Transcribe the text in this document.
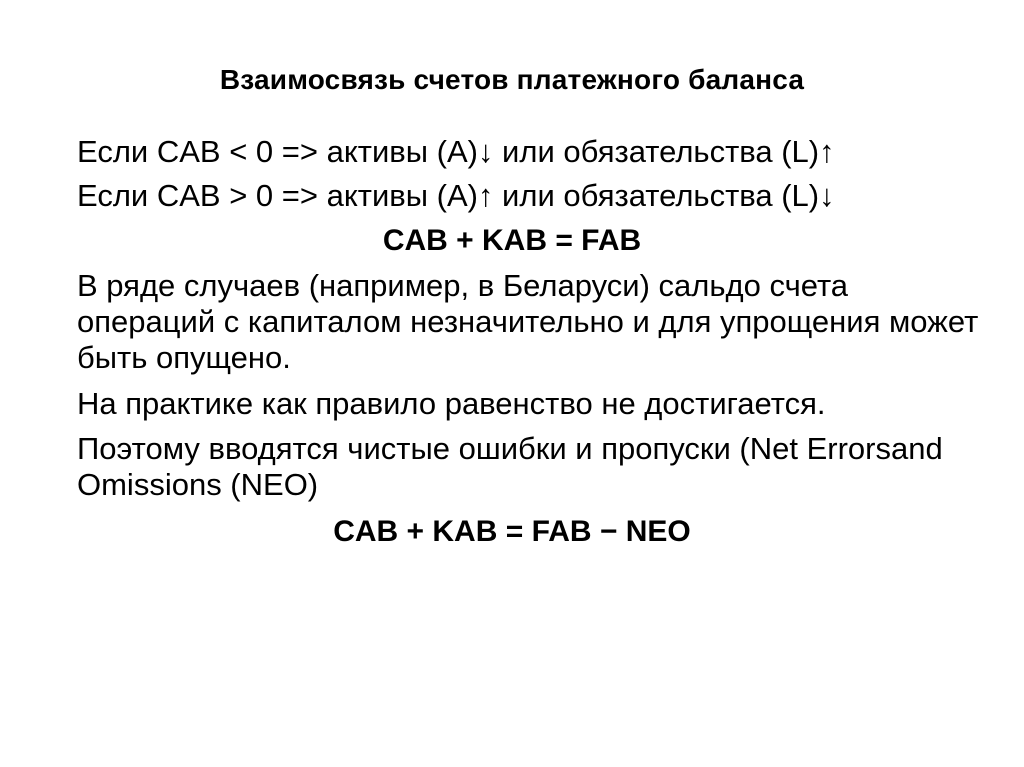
Взаимосвязь счетов платежного баланса
Если CAB < 0 => активы (A)↓ или обязательства (L)↑
Если CAB > 0 => активы (A)↑ или обязательства (L)↓
CAB + KAB = FAB
В ряде случаев (например, в Беларуси) сальдо счета операций с капиталом незначительно и для упрощения может быть опущено.
На практике как правило равенство не достигается.
Поэтому вводятся чистые ошибки и пропуски (Net Errorsand Omissions (NEO)
CAB + KAB = FAB − NEO
